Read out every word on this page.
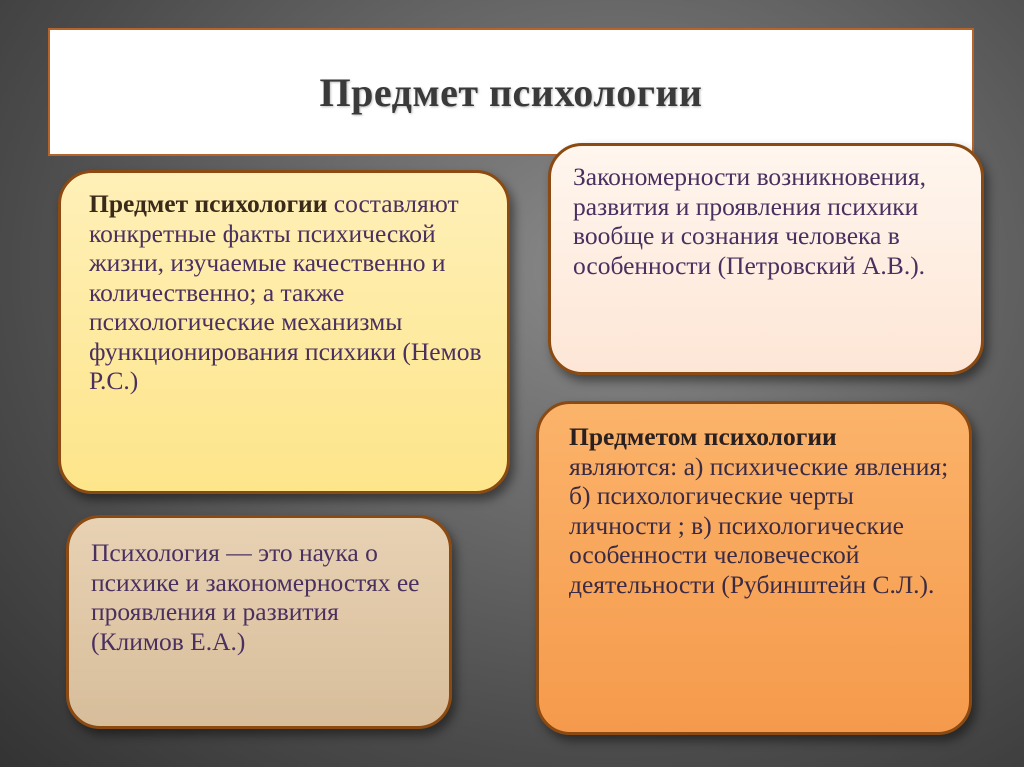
Предмет психологии
Предмет психологии составляют конкретные факты психической жизни, изучаемые качественно и количественно; а также психологические механизмы функционирования психики (Немов Р.С.)
Закономерности возникновения, развития и проявления психики вообще и сознания человека в особенности (Петровский А.В.).
Психология — это наука о психике и закономерностях ее проявления и развития (Климов Е.А.)
Предметом психологии являются: а) психические явления; б) психологические черты личности ; в) психологические особенности человеческой деятельности (Рубинштейн С.Л.).
